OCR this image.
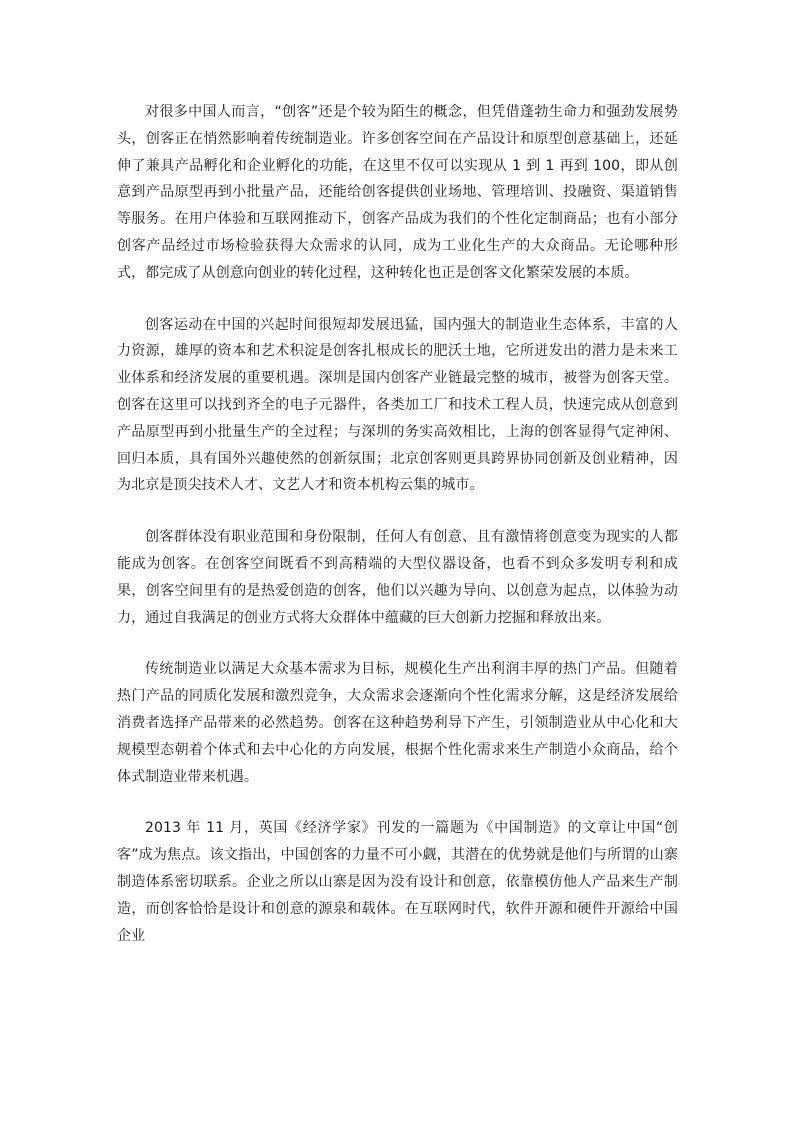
对很多中国人而言，“创客”还是个较为陌生的概念，但凭借蓬勃生命力和强劲发展势头，创客正在悄然影响着传统制造业。许多创客空间在产品设计和原型创意基础上，还延伸了兼具产品孵化和企业孵化的功能，在这里不仅可以实现从 1 到 1 再到 100，即从创意到产品原型再到小批量产品，还能给创客提供创业场地、管理培训、投融资、渠道销售等服务。在用户体验和互联网推动下，创客产品成为我们的个性化定制商品；也有小部分创客产品经过市场检验获得大众需求的认同，成为工业化生产的大众商品。无论哪种形式，都完成了从创意向创业的转化过程，这种转化也正是创客文化繁荣发展的本质。

创客运动在中国的兴起时间很短却发展迅猛，国内强大的制造业生态体系，丰富的人力资源，雄厚的资本和艺术积淀是创客扎根成长的肥沃土地，它所迸发出的潜力是未来工业体系和经济发展的重要机遇。深圳是国内创客产业链最完整的城市，被誉为创客天堂。创客在这里可以找到齐全的电子元器件，各类加工厂和技术工程人员，快速完成从创意到产品原型再到小批量生产的全过程；与深圳的务实高效相比，上海的创客显得气定神闲、回归本质，具有国外兴趣使然的创新氛围；北京创客则更具跨界协同创新及创业精神，因为北京是顶尖技术人才、文艺人才和资本机构云集的城市。

创客群体没有职业范围和身份限制，任何人有创意、且有激情将创意变为现实的人都能成为创客。在创客空间既看不到高精端的大型仪器设备，也看不到众多发明专利和成果，创客空间里有的是热爱创造的创客，他们以兴趣为导向、以创意为起点，以体验为动力，通过自我满足的创业方式将大众群体中蕴藏的巨大创新力挖掘和释放出来。

传统制造业以满足大众基本需求为目标，规模化生产出利润丰厚的热门产品。但随着热门产品的同质化发展和激烈竞争，大众需求会逐渐向个性化需求分解，这是经济发展给消费者选择产品带来的必然趋势。创客在这种趋势利导下产生，引领制造业从中心化和大规模型态朝着个体式和去中心化的方向发展，根据个性化需求来生产制造小众商品，给个体式制造业带来机遇。

2013 年 11 月，英国《经济学家》刊发的一篇题为《中国制造》的文章让中国“创客”成为焦点。该文指出，中国创客的力量不可小觑，其潜在的优势就是他们与所谓的山寨制造体系密切联系。企业之所以山寨是因为没有设计和创意，依靠模仿他人产品来生产制造，而创客恰恰是设计和创意的源泉和载体。在互联网时代，软件开源和硬件开源给中国企业
